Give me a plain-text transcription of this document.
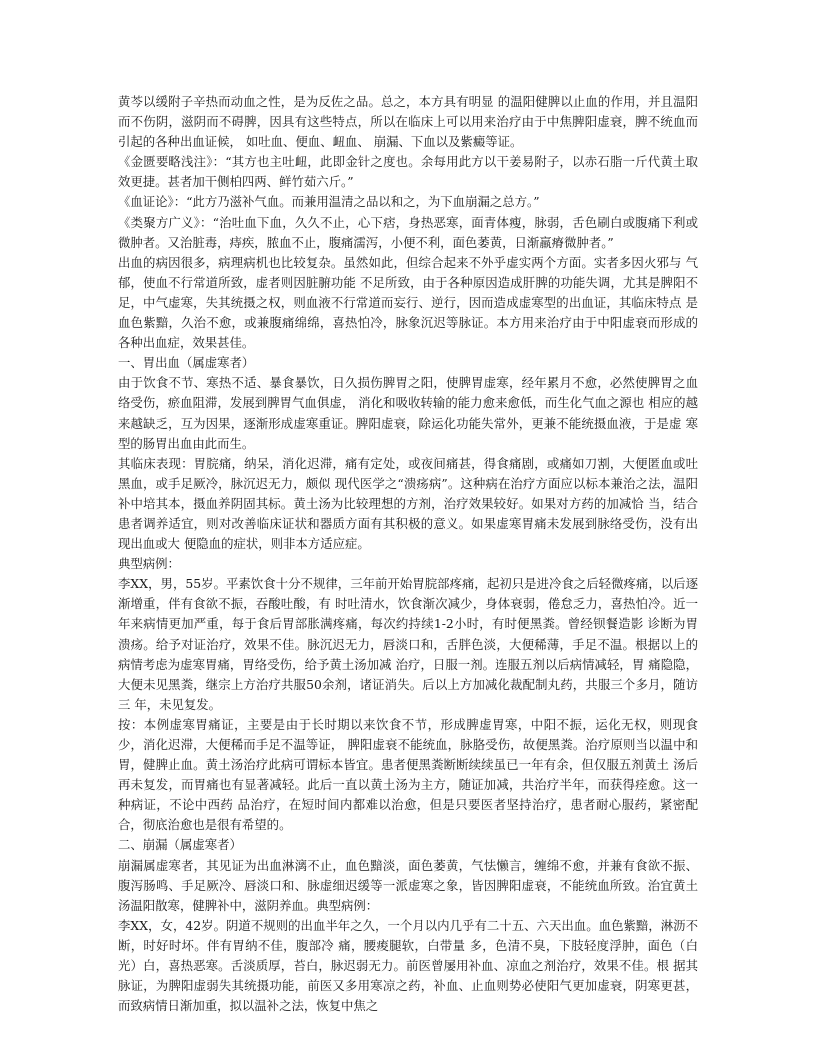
黄芩以缓附子辛热而动血之性，是为反佐之品。总之，本方具有明显 的温阳健脾以止血的作用，并且温阳而不伤阴，滋阴而不碍脾，因具有这些特点，所以在临床上可以用来治疗由于中焦脾阳虚衰，脾不统血而引起的各种出血证候， 如吐血、便血、衄血、 崩漏、下血以及紫癜等证。

《金匮要略浅注》：“其方也主吐衄，此即金针之度也。余每用此方以干姜易附子，以赤石脂一斤代黄土取效更捷。甚者加干侧柏四两、鲜竹茹六斤。”

《血证论》：“此方乃滋补气血。而兼用温清之品以和之，为下血崩漏之总方。”

《类聚方广义》：“治吐血下血，久久不止，心下痞，身热恶寒，面青体瘦，脉弱，舌色刷白或腹痛下利或微肿者。又治脏毒，痔疾，脓血不止，腹痛濡泻，小便不利，面色萎黄，日渐羸瘠微肿者。”

出血的病因很多，病理病机也比较复杂。虽然如此，但综合起来不外乎虚实两个方面。实者多因火邪与 气郁，使血不行常道所致，虚者则因脏腑功能 不足所致，由于各种原因造成肝脾的功能失调，尤其是脾阳不足，中气虚寒，失其统摄之权，则血液不行常道而妄行、逆行，因而造成虚寒型的出血证，其临床特点 是血色紫黯，久治不愈，或兼腹痛绵绵，喜热怕冷，脉象沉迟等脉证。本方用来治疗由于中阳虚衰而形成的各种出血症，效果甚佳。

一、胃出血（属虚寒者）

由于饮食不节、寒热不适、暴食暴饮，日久损伤脾胃之阳，使脾胃虚寒，经年累月不愈，必然使脾胃之血络受伤，瘀血阻滞，发展到脾胃气血俱虚， 消化和吸收转输的能力愈来愈低，而生化气血之源也 相应的越来越缺乏，互为因果，逐渐形成虚寒重证。脾阳虚衰，除运化功能失常外，更兼不能统摄血液，于是虚 寒型的肠胃出血由此而生。

其临床表现：胃脘痛，纳呆，消化迟滞，痛有定处，或夜间痛甚，得食痛剧，或痛如刀割，大便匿血或吐黑血，或手足厥冷，脉沉迟无力，颇似 现代医学之“溃疡病”。这种病在治疗方面应以标本兼治之法，温阳补中培其本，摄血养阴固其标。黄土汤为比较理想的方剂，治疗效果较好。如果对方药的加减恰 当，结合患者调养适宜，则对改善临床证状和器质方面有其积极的意义。如果虚寒胃痛未发展到脉络受伤，没有出现出血或大 便隐血的症状，则非本方适应症。

典型病例：

李XX，男，55岁。平素饮食十分不规律，三年前开始胃脘部疼痛，起初只是进冷食之后轻微疼痛，以后逐渐增重，伴有食欲不振，吞酸吐酸，有 时吐清水，饮食渐次减少，身体衰弱，倦怠乏力，喜热怕冷。近一年来病情更加严重，每于食后胃部胀满疼痛，每次约持续1-2小时，有时便黑粪。曾经钡餐造影 诊断为胃溃疡。给予对证治疗，效果不佳。脉沉迟无力，唇淡口和，舌胖色淡，大便稀薄，手足不温。根据以上的病情考虑为虚寒胃痛，胃络受伤，给予黄土汤加减 治疗，日服一剂。连服五剂以后病情减轻，胃 痛隐隐，大便未见黑粪，继宗上方治疗共服50余剂，诸证消失。后以上方加减化裁配制丸药，共服三个多月，随访三 年，未见复发。

按：本例虚寒胃痛证，主要是由于长时期以来饮食不节，形成脾虚胃寒，中阳不振，运化无权，则现食少，消化迟滞，大便稀而手足不温等证， 脾阳虚衰不能统血，脉胳受伤，故便黑粪。治疗原则当以温中和胃，健脾止血。黄土汤治疗此病可谓标本皆宜。患者便黑粪断断续续虽已一年有余，但仅服五剂黄土 汤后再未复发，而胃痛也有显著减轻。此后一直以黄土汤为主方，随证加减，共治疗半年，而获得痊愈。这一种病证，不论中西药 品治疗，在短时间内都难以治愈，但是只要医者坚持治疗，患者耐心服药，紧密配合，彻底治愈也是很有希望的。

二、崩漏（属虚寒者）

崩漏属虚寒者，其见证为出血淋漓不止，血色黯淡，面色萎黄，气怯懒言，缠绵不愈，并兼有食欲不振、腹泻肠鸣、手足厥冷、唇淡口和、脉虚细迟缓等一派虚寒之象，皆因脾阳虚衰，不能统血所致。治宜黄土汤温阳散寒，健脾补中，滋阴养血。典型病例：

李XX，女，42岁。阴道不规则的出血半年之久，一个月以内几乎有二十五、六天出血。血色紫黯，淋沥不断，时好时坏。伴有胃纳不佳，腹部冷 痛，腰痠腿软，白带量 多，色清不臭，下肢轻度浮肿，面色（白光）白，喜热恶寒。舌淡质厚，苔白，脉迟弱无力。前医曾屡用补血、凉血之剂治疗，效果不佳。根 据其脉证，为脾阳虚弱失其统摄功能，前医又多用寒凉之药，补血、止血则势必使阳气更加虚衰，阴寒更甚，而致病情日渐加重，拟以温补之法，恢复中焦之
